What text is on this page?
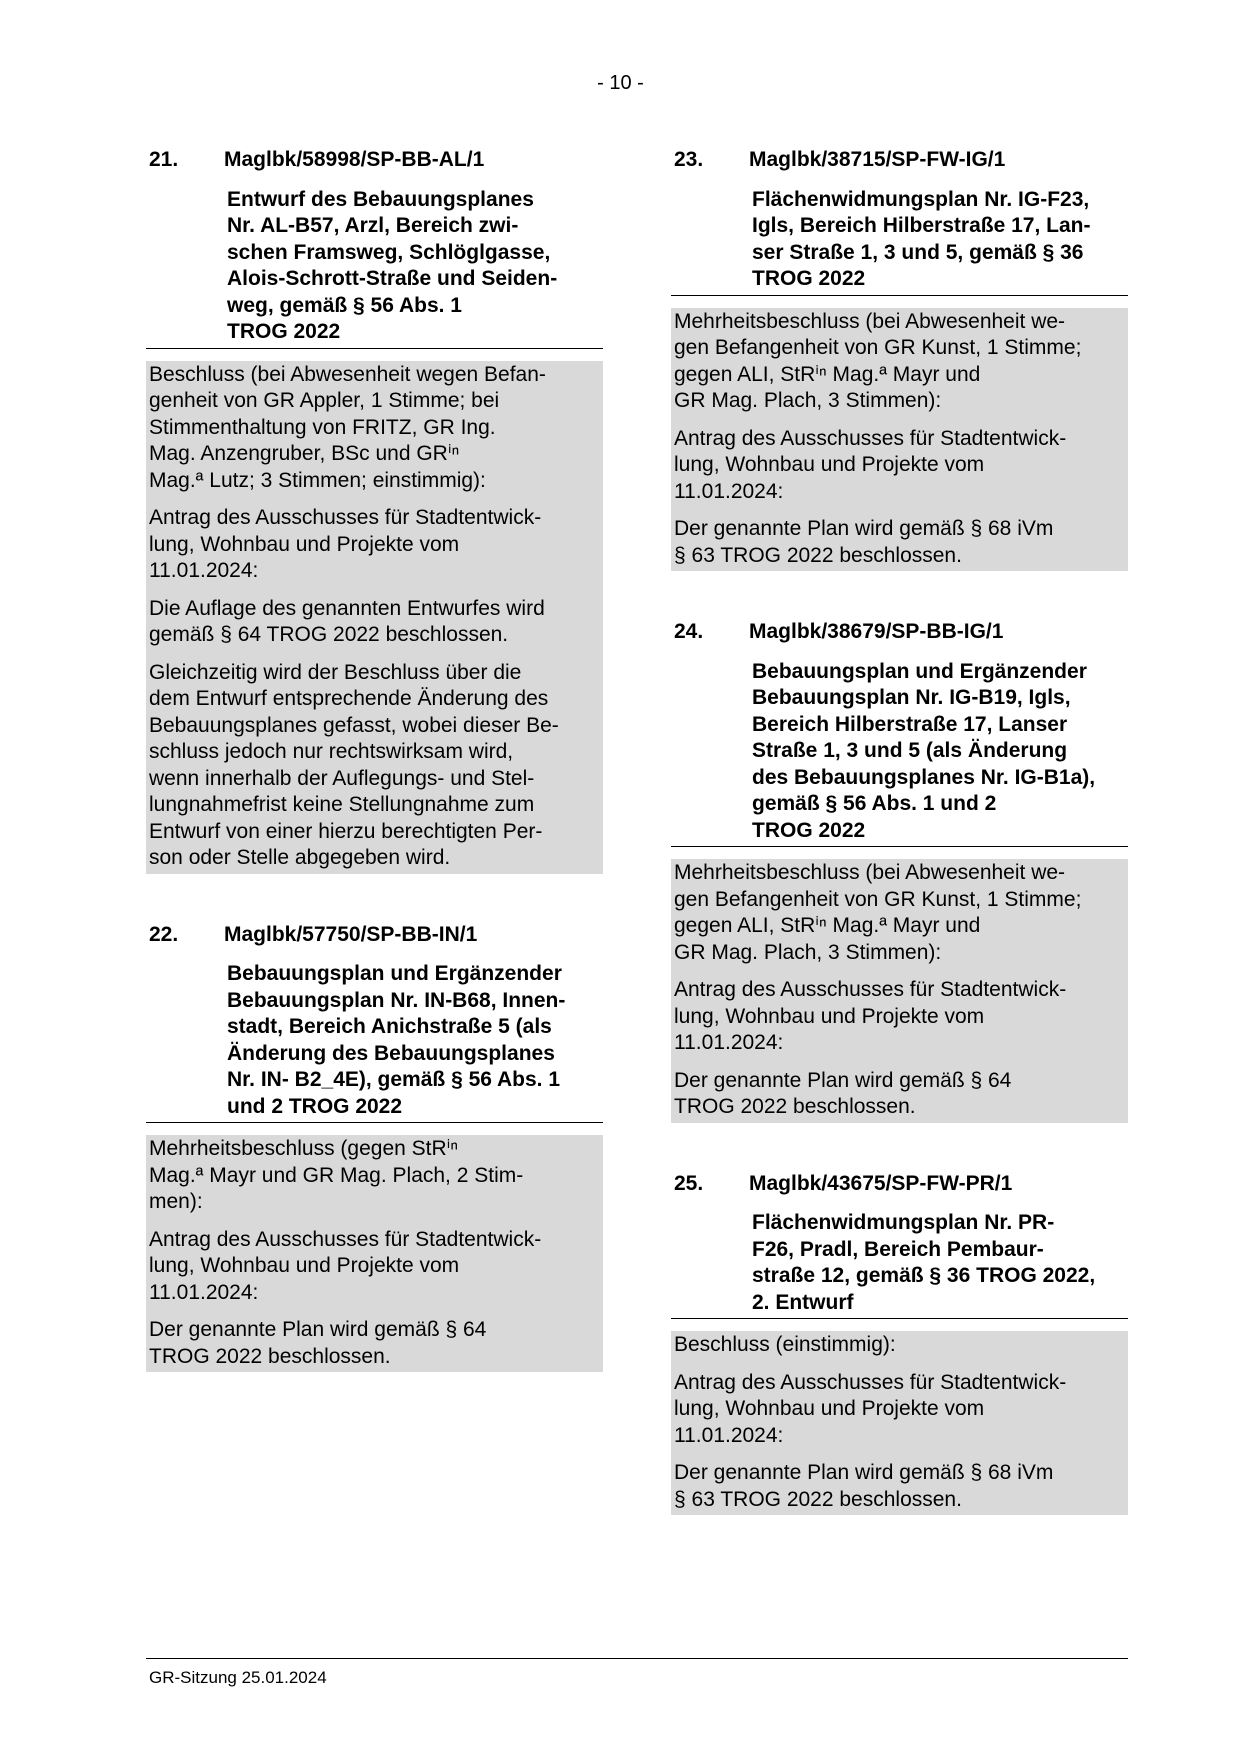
- 10 -
21.	Maglbk/58998/SP-BB-AL/1
Entwurf des Bebauungsplanes
Nr. AL-B57, Arzl, Bereich zwi-
schen Framsweg, Schlöglgasse,
Alois-Schrott-Straße und Seiden-
weg, gemäß § 56 Abs. 1
TROG 2022
Beschluss (bei Abwesenheit wegen Befan-
genheit von GR Appler, 1 Stimme; bei
Stimmenthaltung von FRITZ, GR Ing.
Mag. Anzengruber, BSc und GRⁱⁿ
Mag.ª Lutz; 3 Stimmen; einstimmig):
Antrag des Ausschusses für Stadtentwick-
lung, Wohnbau und Projekte vom
11.01.2024:
Die Auflage des genannten Entwurfes wird
gemäß § 64 TROG 2022 beschlossen.
Gleichzeitig wird der Beschluss über die
dem Entwurf entsprechende Änderung des
Bebauungsplanes gefasst, wobei dieser Be-
schluss jedoch nur rechtswirksam wird,
wenn innerhalb der Auflegungs- und Stel-
lungnahmefrist keine Stellungnahme zum
Entwurf von einer hierzu berechtigten Per-
son oder Stelle abgegeben wird.
22.	Maglbk/57750/SP-BB-IN/1
Bebauungsplan und Ergänzender
Bebauungsplan Nr. IN-B68, Innen-
stadt, Bereich Anichstraße 5 (als
Änderung des Bebauungsplanes
Nr. IN- B2_4E), gemäß § 56 Abs. 1
und 2 TROG 2022
Mehrheitsbeschluss (gegen StRⁱⁿ
Mag.ª Mayr und GR Mag. Plach, 2 Stim-
men):
Antrag des Ausschusses für Stadtentwick-
lung, Wohnbau und Projekte vom
11.01.2024:
Der genannte Plan wird gemäß § 64
TROG 2022 beschlossen.
23.	Maglbk/38715/SP-FW-IG/1
Flächenwidmungsplan Nr. IG-F23,
Igls, Bereich Hilberstraße 17, Lan-
ser Straße 1, 3 und 5, gemäß § 36
TROG 2022
Mehrheitsbeschluss (bei Abwesenheit we-
gen Befangenheit von GR Kunst, 1 Stimme;
gegen ALI, StRⁱⁿ Mag.ª Mayr und
GR Mag. Plach, 3 Stimmen):
Antrag des Ausschusses für Stadtentwick-
lung, Wohnbau und Projekte vom
11.01.2024:
Der genannte Plan wird gemäß § 68 iVm
§ 63 TROG 2022 beschlossen.
24.	Maglbk/38679/SP-BB-IG/1
Bebauungsplan und Ergänzender
Bebauungsplan Nr. IG-B19, Igls,
Bereich Hilberstraße 17, Lanser
Straße 1, 3 und 5 (als Änderung
des Bebauungsplanes Nr. IG-B1a),
gemäß § 56 Abs. 1 und 2
TROG 2022
Mehrheitsbeschluss (bei Abwesenheit we-
gen Befangenheit von GR Kunst, 1 Stimme;
gegen ALI, StRⁱⁿ Mag.ª Mayr und
GR Mag. Plach, 3 Stimmen):
Antrag des Ausschusses für Stadtentwick-
lung, Wohnbau und Projekte vom
11.01.2024:
Der genannte Plan wird gemäß § 64
TROG 2022 beschlossen.
25.	Maglbk/43675/SP-FW-PR/1
Flächenwidmungsplan Nr. PR-
F26, Pradl, Bereich Pembaur-
straße 12, gemäß § 36 TROG 2022,
2. Entwurf
Beschluss (einstimmig):
Antrag des Ausschusses für Stadtentwick-
lung, Wohnbau und Projekte vom
11.01.2024:
Der genannte Plan wird gemäß § 68 iVm
§ 63 TROG 2022 beschlossen.
GR-Sitzung 25.01.2024
